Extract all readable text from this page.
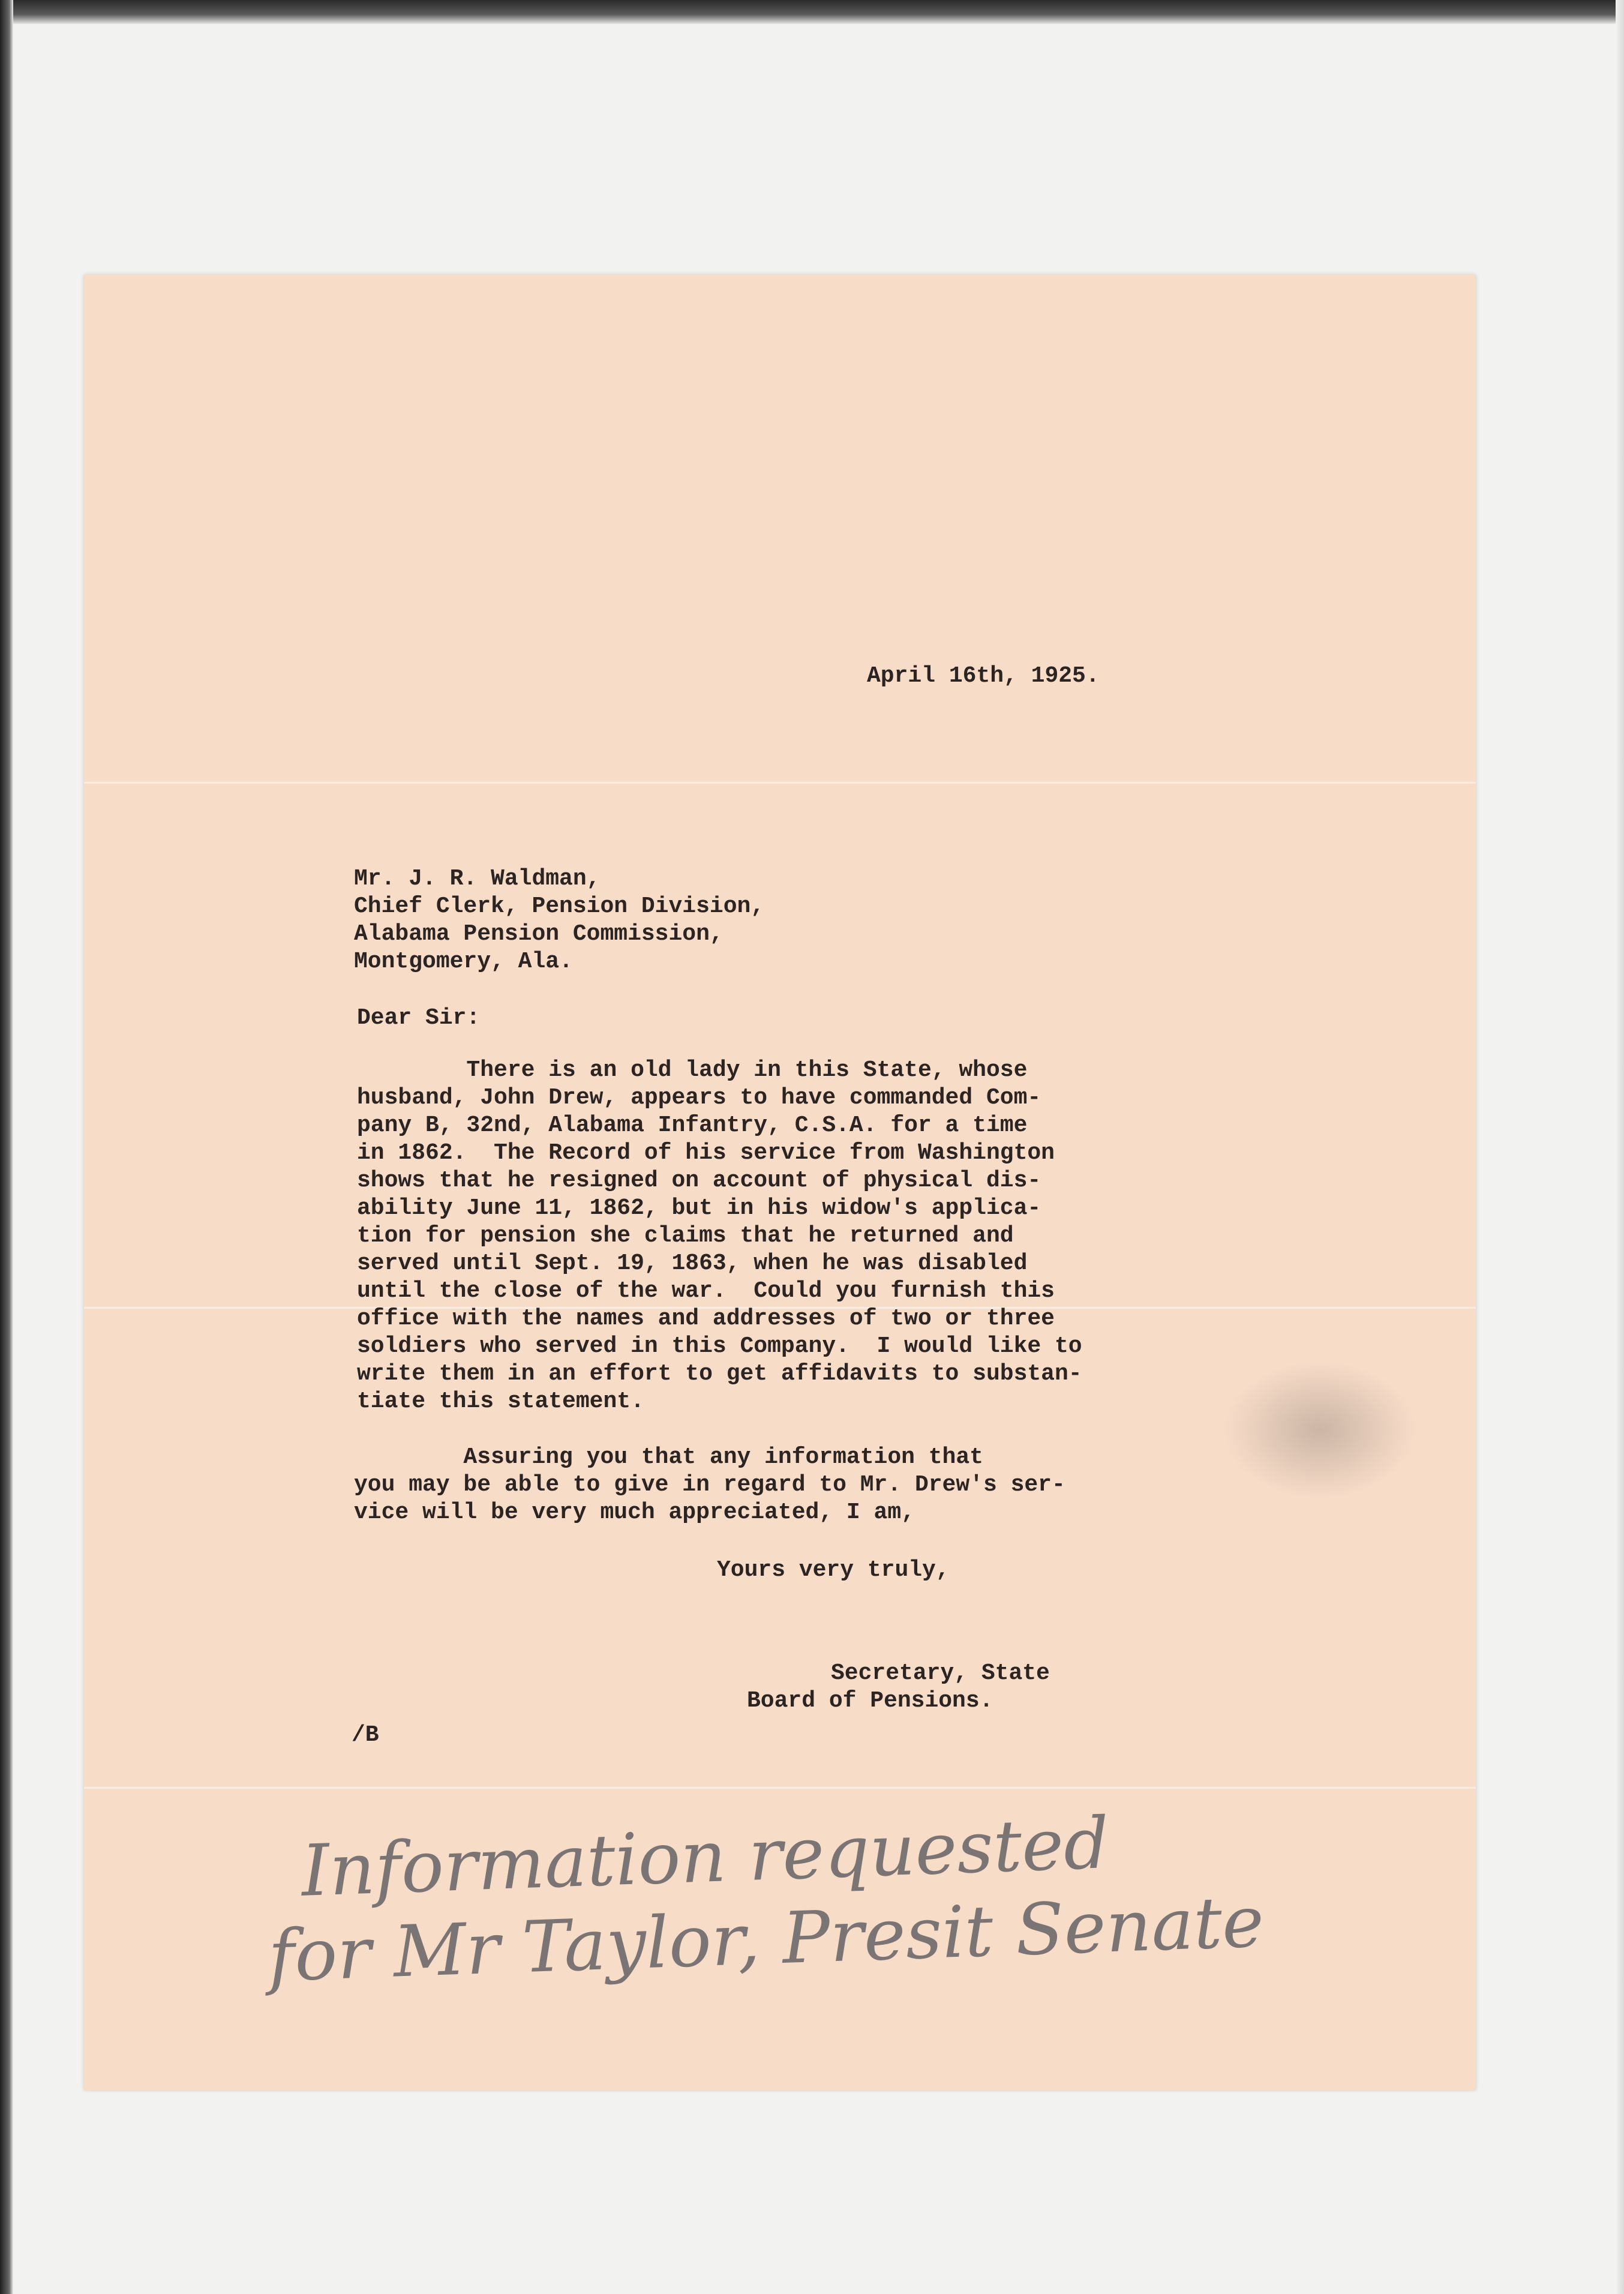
April 16th, 1925.

Mr. J. R. Waldman,
Chief Clerk, Pension Division,
Alabama Pension Commission,
Montgomery, Ala.

Dear Sir:

There is an old lady in this State, whose
husband, John Drew, appears to have commanded Com-
pany B, 32nd, Alabama Infantry, C.S.A. for a time
in 1862.  The Record of his service from Washington
shows that he resigned on account of physical dis-
ability June 11, 1862, but in his widow's applica-
tion for pension she claims that he returned and
served until Sept. 19, 1863, when he was disabled
until the close of the war.  Could you furnish this
office with the names and addresses of two or three
soldiers who served in this Company.  I would like to
write them in an effort to get affidavits to substan-
tiate this statement.
Assuring you that any information that
you may be able to give in regard to Mr. Drew's ser-
vice will be very much appreciated, I am,

Yours very truly,

Secretary, State
Board of Pensions.

/B

Information requested
for Mr Taylor, Presit Senate
